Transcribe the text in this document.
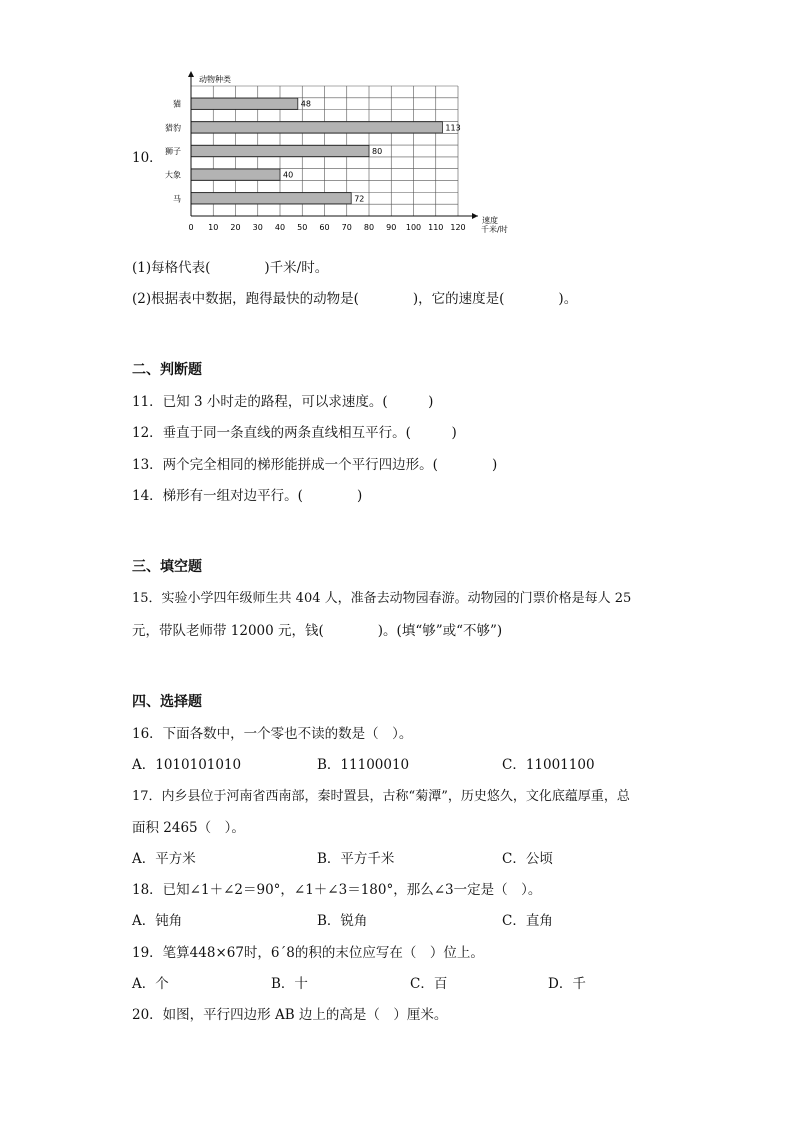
10．
动物种类
速度
千米/时
猫
猎豹
狮子
大象
马
0 10 20 30 40 50 60 70 80 90 100 110 120
48
113
80
40
72
(1)每格代表(　　　　)千米/时。
(2)根据表中数据，跑得最快的动物是(　　　　)，它的速度是(　　　　)。
二、判断题
11．已知 3 小时走的路程，可以求速度。(　　　)
12．垂直于同一条直线的两条直线相互平行。(　　　)
13．两个完全相同的梯形能拼成一个平行四边形。(　　　　)
14．梯形有一组对边平行。(　　　　)
三、填空题
15．实验小学四年级师生共 404 人，准备去动物园春游。动物园的门票价格是每人 25
元，带队老师带 12000 元，钱(　　　　)。(填“够”或“不够”)
四、选择题
16．下面各数中，一个零也不读的数是（　）。
A．1010101010	B．11100010	C．11001100
17．内乡县位于河南省西南部，秦时置县，古称“菊潭”，历史悠久，文化底蕴厚重，总
面积 2465（　）。
A．平方米	B．平方千米	C．公顷
18．已知∠1＋∠2＝90°，∠1＋∠3＝180°，那么∠3一定是（　）。
A．钝角	B．锐角	C．直角
19．笔算448×67时，6´8的积的末位应写在（　）位上。
A．个	B．十	C．百	D．千
20．如图，平行四边形 AB 边上的高是（　）厘米。
